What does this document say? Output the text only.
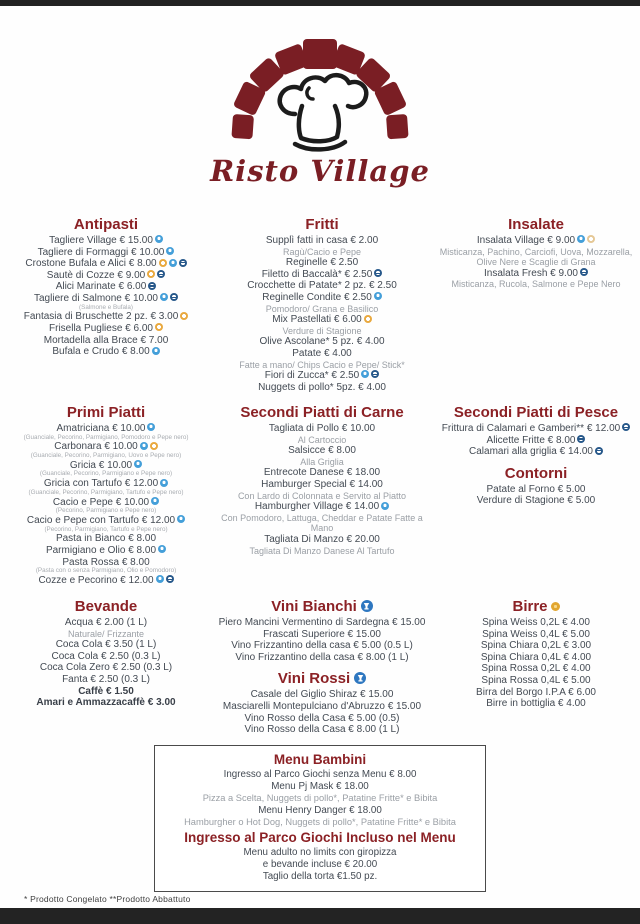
Risto Village
Antipasti
Tagliere Village € 15.00
Tagliere di Formaggi € 10.00
Crostone Bufala e Alici € 8.00
Sautè di Cozze € 9.00
Alici Marinate € 6.00
Tagliere di Salmone € 10.00
(Salmone e Bufala)
Fantasia di Bruschette 2 pz. € 3.00
Frisella Pugliese € 6.00
Mortadella alla Brace € 7.00
Bufala e Crudo € 8.00
Fritti
Supplì fatti in casa € 2.00
Ragù/Cacio e Pepe
Reginelle € 2.50
Filetto di Baccalà* € 2.50
Crocchette di Patate* 2 pz. € 2.50
Reginelle Condite € 2.50
Pomodoro/ Grana e Basilico
Mix Pastellati € 6.00
Verdure di Stagione
Olive Ascolane* 5 pz. € 4.00
Patate € 4.00
Fatte a mano/ Chips Cacio e Pepe/ Stick*
Fiori di Zucca* € 2.50
Nuggets di pollo* 5pz. € 4.00
Insalate
Insalata Village € 9.00
Misticanza, Pachino, Carciofi, Uova, Mozzarella, Olive Nere e Scaglie di Grana
Insalata Fresh € 9.00
Misticanza, Rucola, Salmone e Pepe Nero
Primi Piatti
Amatriciana € 10.00
(Guanciale, Pecorino, Parmigiano, Pomodoro e Pepe nero)
Carbonara € 10.00
(Guanciale, Pecorino, Parmigiano, Uovo e Pepe nero)
Gricia € 10.00
(Guanciale, Pecorino, Parmigiano e Pepe nero)
Gricia con Tartufo € 12.00
(Guanciale, Pecorino, Parmigiano, Tartufo e Pepe nero)
Cacio e Pepe € 10.00
(Pecorino, Parmigiano e Pepe nero)
Cacio e Pepe con Tartufo € 12.00
(Pecorino, Parmigiano, Tartufo e Pepe nero)
Pasta in Bianco € 8.00
Parmigiano e Olio € 8.00
Pasta Rossa € 8.00
(Pasta con o senza Parmigiano, Olio e Pomodoro)
Cozze e Pecorino € 12.00
Secondi Piatti di Carne
Tagliata di Pollo € 10.00
Al Cartoccio
Salsicce € 8.00
Alla Griglia
Entrecote Danese € 18.00
Hamburger Special € 14.00
Con Lardo di Colonnata e Servito al Piatto
Hamburgher Village € 14.00
Con Pomodoro, Lattuga, Cheddar e Patate Fatte a Mano
Tagliata Di Manzo € 20.00
Tagliata Di Manzo Danese Al Tartufo
Secondi Piatti di Pesce
Frittura di Calamari e Gamberi** € 12.00
Alicette Fritte € 8.00
Calamari alla griglia € 14.00
Contorni
Patate al Forno € 5.00
Verdure di Stagione € 5.00
Bevande
Acqua € 2.00 (1 L)
Naturale/ Frizzante
Coca Cola € 3.50 (1 L)
Coca Cola € 2.50 (0.3 L)
Coca Cola Zero € 2.50 (0.3 L)
Fanta € 2.50 (0.3 L)
Caffè € 1.50
Amari e Ammazzacaffè € 3.00
Vini Bianchi
Piero Mancini Vermentino di Sardegna € 15.00
Frascati Superiore € 15.00
Vino Frizzantino della casa € 5.00 (0.5 L)
Vino Frizzantino della casa € 8.00 (1 L)
Vini Rossi
Casale del Giglio Shiraz € 15.00
Masciarelli Montepulciano d'Abruzzo € 15.00
Vino Rosso della Casa € 5.00 (0.5)
Vino Rosso della Casa € 8.00 (1 L)
Birre
Spina Weiss 0,2L € 4.00
Spina Weiss 0,4L € 5.00
Spina Chiara 0,2L € 3.00
Spina Chiara 0,4L € 4.00
Spina Rossa 0,2L € 4.00
Spina Rossa 0,4L € 5.00
Birra del Borgo I.P.A € 6.00
Birre in bottiglia € 4.00
Menu Bambini
Ingresso al Parco Giochi senza Menu € 8.00
Menu Pj Mask € 18.00
Pizza a Scelta, Nuggets di pollo*, Patatine Fritte* e Bibita
Menu Henry Danger € 18.00
Hamburgher o Hot Dog, Nuggets di pollo*, Patatine Fritte* e Bibita
Ingresso al Parco Giochi Incluso nel Menu
Menu adulto no limits con giropizza
e bevande incluse € 20.00
Taglio della torta €1.50 pz.
* Prodotto Congelato **Prodotto Abbattuto
